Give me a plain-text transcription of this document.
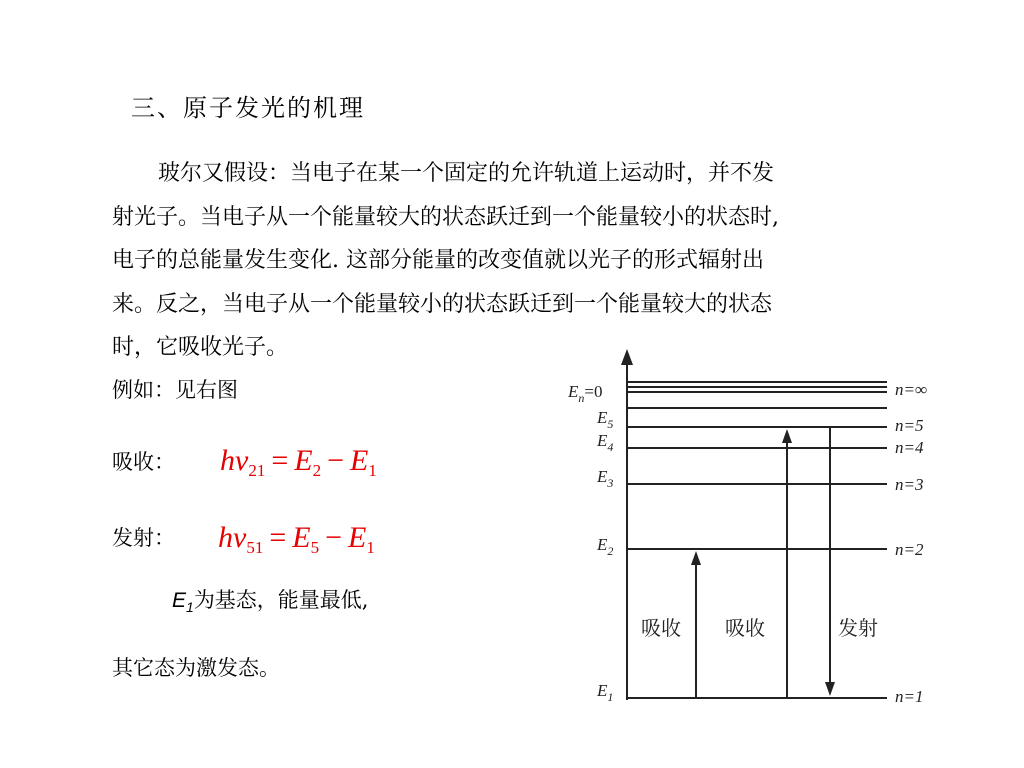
三、原子发光的机理
玻尔又假设：当电子在某一个固定的允许轨道上运动时，并不发
射光子。当电子从一个能量较大的状态跃迁到一个能量较小的状态时,
电子的总能量发生变化. 这部分能量的改变值就以光子的形式辐射出
来。反之，当电子从一个能量较小的状态跃迁到一个能量较大的状态
时，它吸收光子。
例如：见右图
吸收： $h\nu_{21} = E_2 - E_1$
发射： $h\nu_{51} = E_5 - E_1$
$E_1$为基态，能量最低,
其它态为激发态。
$E_n=0$
$E_5$
$E_4$
$E_3$
$E_2$
$E_1$
n=∞
n=5
n=4
n=3
n=2
n=1
吸收 吸收	发射
